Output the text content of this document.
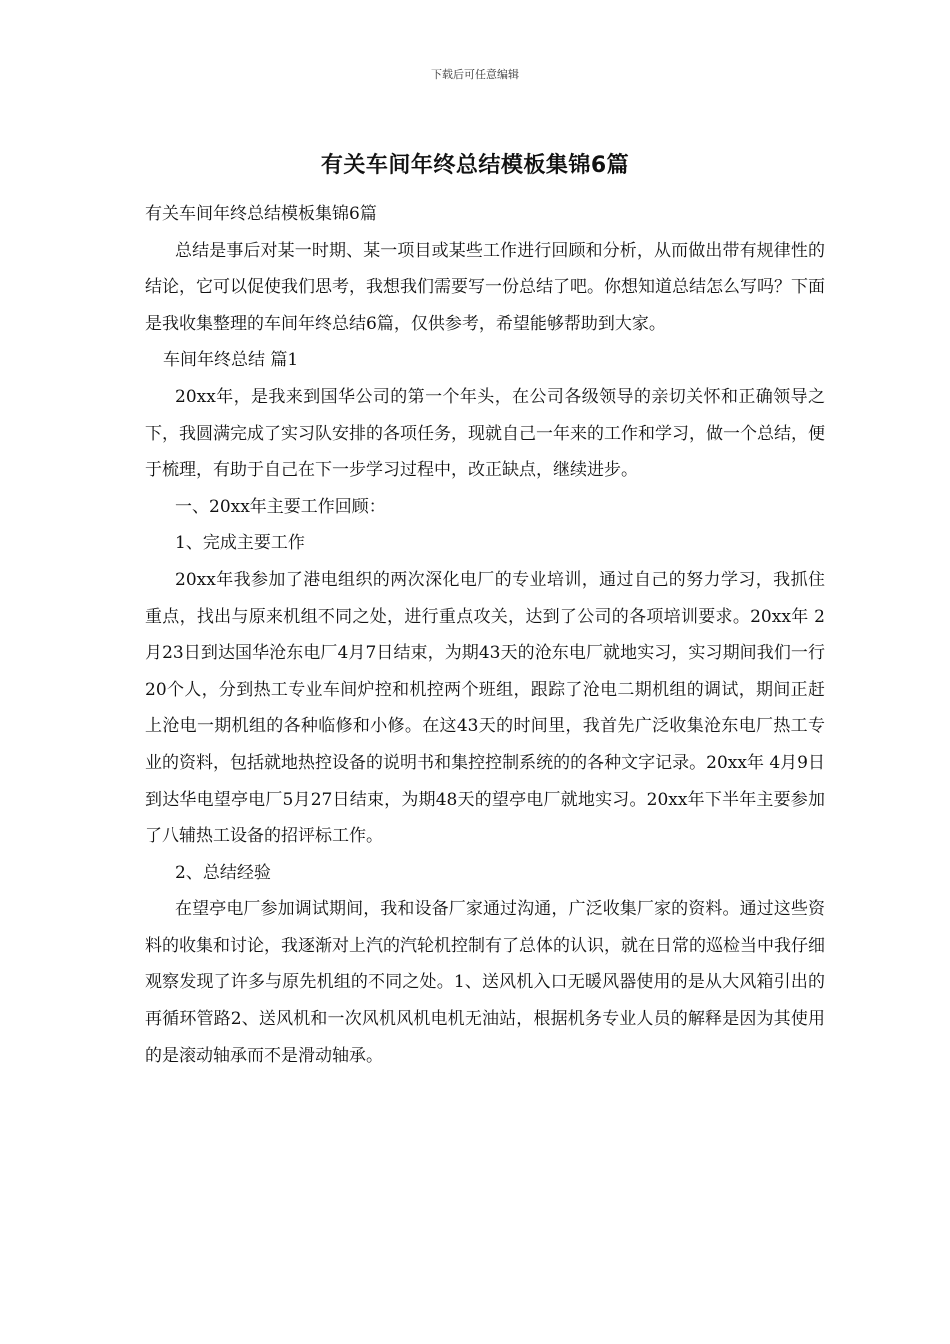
下载后可任意编辑
有关车间年终总结模板集锦6篇

有关车间年终总结模板集锦6篇

总结是事后对某一时期、某一项目或某些工作进行回顾和分析，从而做出带有规律性的结论，它可以促使我们思考，我想我们需要写一份总结了吧。你想知道总结怎么写吗？下面是我收集整理的车间年终总结6篇，仅供参考，希望能够帮助到大家。

车间年终总结 篇1

20xx年，是我来到国华公司的第一个年头，在公司各级领导的亲切关怀和正确领导之下，我圆满完成了实习队安排的各项任务，现就自己一年来的工作和学习，做一个总结，便于梳理，有助于自己在下一步学习过程中，改正缺点，继续进步。

一、20xx年主要工作回顾：

1、完成主要工作

20xx年我参加了港电组织的两次深化电厂的专业培训，通过自己的努力学习，我抓住重点，找出与原来机组不同之处，进行重点攻关，达到了公司的各项培训要求。20xx年 2月23日到达国华沧东电厂4月7日结束，为期43天的沧东电厂就地实习，实习期间我们一行20个人，分到热工专业车间炉控和机控两个班组，跟踪了沧电二期机组的调试，期间正赶上沧电一期机组的各种临修和小修。在这43天的时间里，我首先广泛收集沧东电厂热工专业的资料，包括就地热控设备的说明书和集控控制系统的的各种文字记录。20xx年 4月9日到达华电望亭电厂5月27日结束，为期48天的望亭电厂就地实习。20xx年下半年主要参加了八辅热工设备的招评标工作。

2、总结经验

在望亭电厂参加调试期间，我和设备厂家通过沟通，广泛收集厂家的资料。通过这些资料的收集和讨论，我逐渐对上汽的汽轮机控制有了总体的认识，就在日常的巡检当中我仔细观察发现了许多与原先机组的不同之处。1、送风机入口无暖风器使用的是从大风箱引出的再循环管路2、送风机和一次风机风机电机无油站，根据机务专业人员的解释是因为其使用的是滚动轴承而不是滑动轴承。
